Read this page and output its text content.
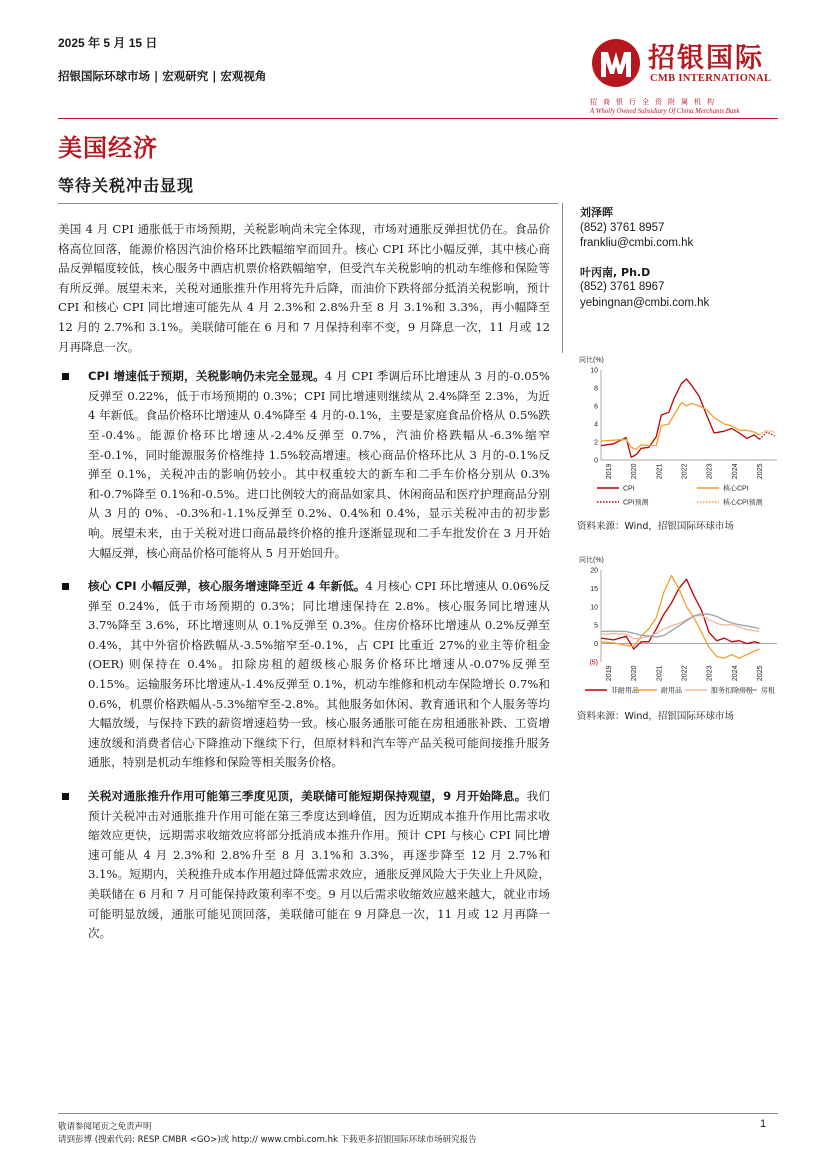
2025 年 5 月 15 日
招银国际环球市场 | 宏观研究 | 宏观视角
招银国际
CMB INTERNATIONAL
招商银行全资附属机构
A Wholly Owned Subsidiary Of China Merchants Bank
美国经济
等待关税冲击显现

美国 4 月 CPI 通胀低于市场预期，关税影响尚未完全体现，市场对通胀反弹担忧仍在。食品价格高位回落，能源价格因汽油价格环比跌幅缩窄而回升。核心 CPI 环比小幅反弹，其中核心商品反弹幅度较低，核心服务中酒店机票价格跌幅缩窄，但受汽车关税影响的机动车维修和保险等有所反弹。展望未来，关税对通胀推升作用将先升后降，而油价下跌将部分抵消关税影响，预计 CPI 和核心 CPI 同比增速可能先从 4 月 2.3%和 2.8%升至 8 月 3.1%和 3.3%，再小幅降至 12 月的 2.7%和 3.1%。美联储可能在 6 月和 7 月保持利率不变，9 月降息一次，11 月或 12 月再降息一次。

CPI 增速低于预期，关税影响仍未完全显现。4 月 CPI 季调后环比增速从 3 月的-0.05%反弹至 0.22%，低于市场预期的 0.3%；CPI 同比增速则继续从 2.4%降至 2.3%，为近 4 年新低。食品价格环比增速从 0.4%降至 4 月的-0.1%，主要是家庭食品价格从 0.5%跌至-0.4%。能源价格环比增速从-2.4%反弹至 0.7%，汽油价格跌幅从-6.3%缩窄至-0.1%，同时能源服务价格维持 1.5%较高增速。核心商品价格环比从 3 月的-0.1%反弹至 0.1%，关税冲击的影响仍较小。其中权重较大的新车和二手车价格分别从 0.3%和-0.7%降至 0.1%和-0.5%。进口比例较大的商品如家具、休闲商品和医疗护理商品分别从 3 月的 0%、-0.3%和-1.1%反弹至 0.2%、0.4%和 0.4%，显示关税冲击的初步影响。展望未来，由于关税对进口商品最终价格的推升逐渐显现和二手车批发价在 3 月开始大幅反弹，核心商品价格可能将从 5 月开始回升。

核心 CPI 小幅反弹，核心服务增速降至近 4 年新低。4 月核心 CPI 环比增速从 0.06%反弹至 0.24%，低于市场预期的 0.3%；同比增速保持在 2.8%。核心服务同比增速从 3.7%降至 3.6%，环比增速则从 0.1%反弹至 0.3%。住房价格环比增速从 0.2%反弹至 0.4%，其中外宿价格跌幅从-3.5%缩窄至-0.1%，占 CPI 比重近 27%的业主等价租金 (OER) 则保持在 0.4%。扣除房租的超级核心服务价格环比增速从-0.07%反弹至 0.15%。运输服务环比增速从-1.4%反弹至 0.1%，机动车维修和机动车保险增长 0.7%和 0.6%，机票价格跌幅从-5.3%缩窄至-2.8%。其他服务如休闲、教育通讯和个人服务等均大幅放缓，与保持下跌的薪资增速趋势一致。核心服务通胀可能在房租通胀补跌、工资增速放缓和消费者信心下降推动下继续下行，但原材料和汽车等产品关税可能间接推升服务通胀，特别是机动车维修和保险等相关服务价格。

关税对通胀推升作用可能第三季度见顶，美联储可能短期保持观望，9 月开始降息。我们预计关税冲击对通胀推升作用可能在第三季度达到峰值，因为近期成本推升作用比需求收缩效应更快，远期需求收缩效应将部分抵消成本推升作用。预计 CPI 与核心 CPI 同比增速可能从 4 月 2.3%和 2.8%升至 8 月 3.1%和 3.3%，再逐步降至 12 月 2.7%和 3.1%。短期内，关税推升成本作用超过降低需求效应，通胀反弹风险大于失业上升风险，美联储在 6 月和 7 月可能保持政策利率不变。9 月以后需求收缩效应越来越大，就业市场可能明显放缓，通胀可能见顶回落，美联储可能在 9 月降息一次，11 月或 12 月再降一次。

刘泽晖
(852) 3761 8957
frankliu@cmbi.com.hk
叶丙南, Ph.D
(852) 3761 8967
yebingnan@cmbi.com.hk
同比(%)
10
8
6
4
2
0
2019	2020	2021	2022	2023	2024	2025
CPI	核心CPI
CPI预测	核心CPI预测
资料来源：Wind，招银国际环球市场
同比(%)
20
15
10
5
0
(5)
2019	2020	2021	2022	2023	2024	2025
非耐用品	耐用品	服务扣除房租 房租
资料来源：Wind，招银国际环球市场
敬请参阅尾页之免责声明
请到彭博 (搜索代码: RESP CMBR <GO>)或 http:// www.cmbi.com.hk 下载更多招银国际环球市场研究报告
1
